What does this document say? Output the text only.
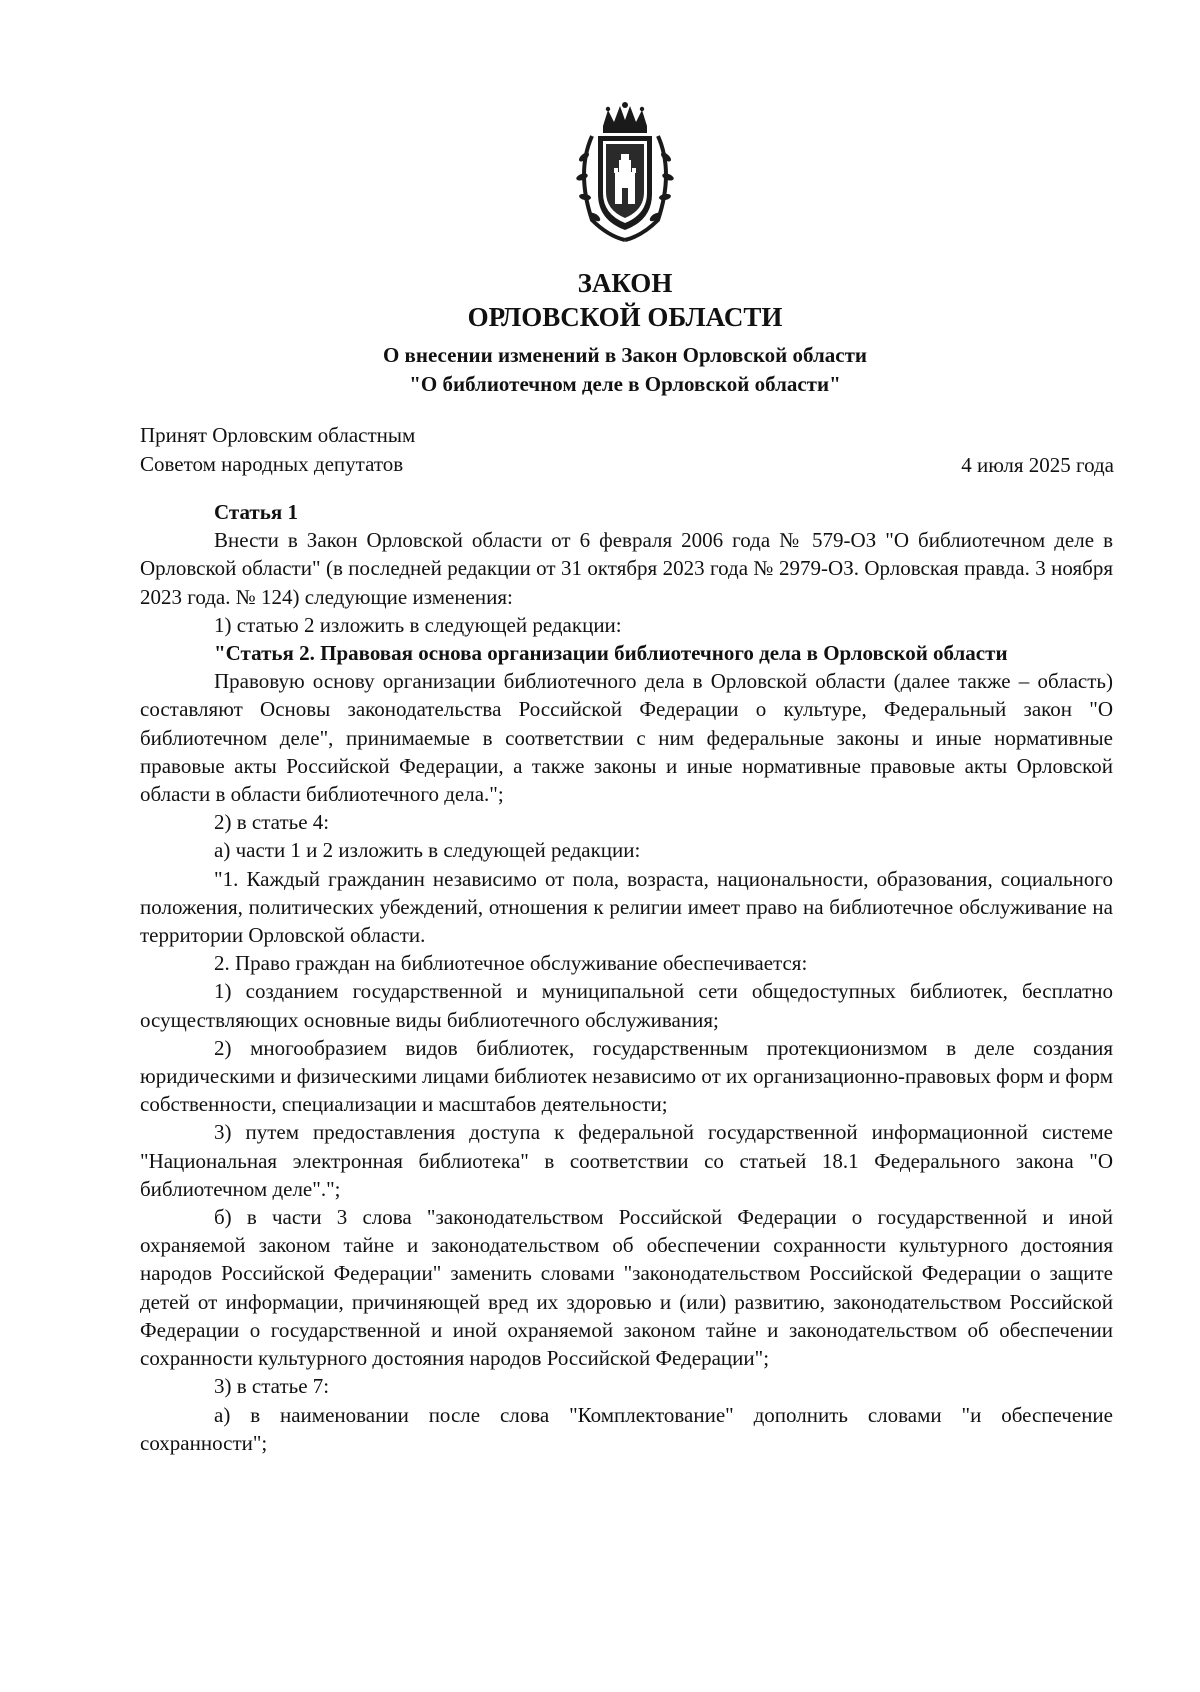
ЗАКОН
ОРЛОВСКОЙ ОБЛАСТИ
О внесении изменений в Закон Орловской области
"О библиотечном деле в Орловской области"
Принят Орловским областным
Советом народных депутатов	4 июля 2025 года

Статья 1

Внести в Закон Орловской области от 6 февраля 2006 года № 579-ОЗ "О библиотечном деле в Орловской области" (в последней редакции от 31 октября 2023 года № 2979-ОЗ. Орловская правда. 3 ноября 2023 года. № 124) следующие изменения:

1) статью 2 изложить в следующей редакции:

"Статья 2. Правовая основа организации библиотечного дела в Орловской области

Правовую основу организации библиотечного дела в Орловской области (далее также – область) составляют Основы законодательства Российской Федерации о культуре, Федеральный закон "О библиотечном деле", принимаемые в соответствии с ним федеральные законы и иные нормативные правовые акты Российской Федерации, а также законы и иные нормативные правовые акты Орловской области в области библиотечного дела.";

2) в статье 4:

а) части 1 и 2 изложить в следующей редакции:

"1. Каждый гражданин независимо от пола, возраста, национальности, образования, социального положения, политических убеждений, отношения к религии имеет право на библиотечное обслуживание на территории Орловской области.

2. Право граждан на библиотечное обслуживание обеспечивается:

1) созданием государственной и муниципальной сети общедоступных библиотек, бесплатно осуществляющих основные виды библиотечного обслуживания;

2) многообразием видов библиотек, государственным протекционизмом в деле создания юридическими и физическими лицами библиотек независимо от их организационно-правовых форм и форм собственности, специализации и масштабов деятельности;

3) путем предоставления доступа к федеральной государственной информационной системе "Национальная электронная библиотека" в соответствии со статьей 18.1 Федерального закона "О библиотечном деле".";

б) в части 3 слова "законодательством Российской Федерации о государственной и иной охраняемой законом тайне и законодательством об обеспечении сохранности культурного достояния народов Российской Федерации" заменить словами "законодательством Российской Федерации о защите детей от информации, причиняющей вред их здоровью и (или) развитию, законодательством Российской Федерации о государственной и иной охраняемой законом тайне и законодательством об обеспечении сохранности культурного достояния народов Российской Федерации";

3) в статье 7:

а) в наименовании после слова "Комплектование" дополнить словами "и обеспечение сохранности";
